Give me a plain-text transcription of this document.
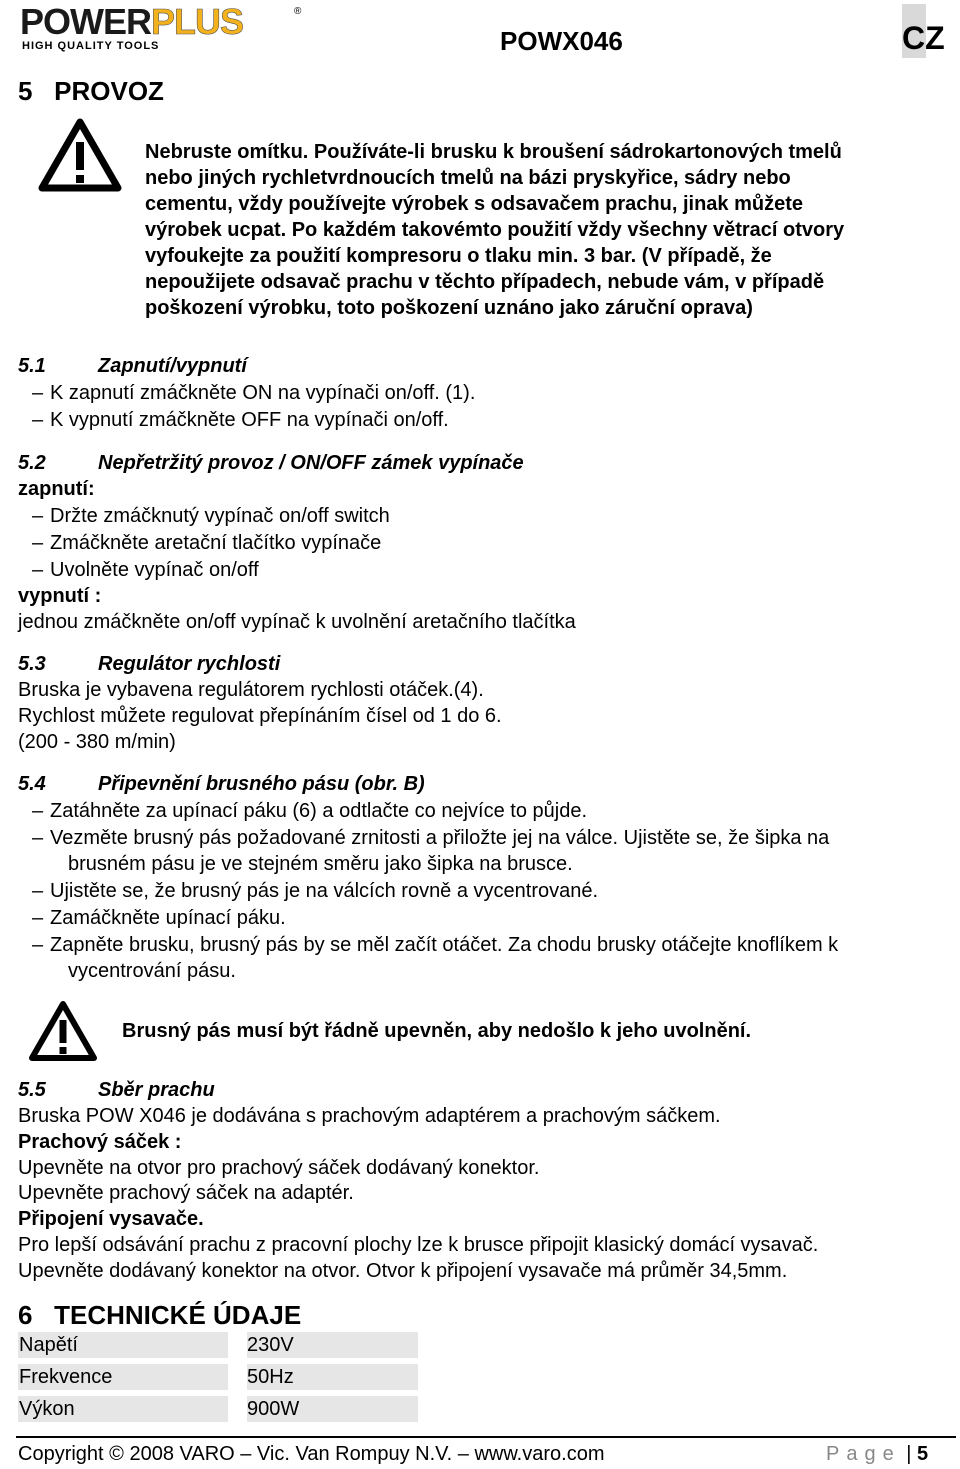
POWERPLUS	®
HIGH QUALITY TOOLS	POWX046	CZ
5   PROVOZ
Nebruste omítku. Používáte-li brusku k broušení sádrokartonových tmelů
nebo jiných rychletvrdnoucích tmelů na bázi pryskyřice, sádry nebo
cementu, vždy používejte výrobek s odsavačem prachu, jinak můžete
výrobek ucpat. Po každém takovémto použití vždy všechny větrací otvory
vyfoukejte za použití kompresoru o tlaku min. 3 bar. (V případě, že
nepoužijete odsavač prachu v těchto případech, nebude vám, v případě
poškození výrobku, toto poškození uznáno jako záruční oprava)
5.1	Zapnutí/vypnutí
– K zapnutí zmáčkněte ON na vypínači on/off. (1).
– K vypnutí zmáčkněte OFF na vypínači on/off.
5.2	Nepřetržitý provoz / ON/OFF zámek vypínače
zapnutí:
– Držte zmáčknutý vypínač on/off switch
– Zmáčkněte aretační tlačítko vypínače
– Uvolněte vypínač on/off
vypnutí :
jednou zmáčkněte on/off vypínač k uvolnění aretačního tlačítka
5.3	Regulátor rychlosti
Bruska je vybavena regulátorem rychlosti otáček.(4).
Rychlost můžete regulovat přepínáním čísel od 1 do 6.
(200 - 380 m/min)
5.4	Připevnění brusného pásu (obr. B)
– Zatáhněte za upínací páku (6) a odtlačte co nejvíce to půjde.
– Vezměte brusný pás požadované zrnitosti a přiložte jej na válce. Ujistěte se, že šipka na
brusném pásu je ve stejném směru jako šipka na brusce.
– Ujistěte se, že brusný pás je na válcích rovně a vycentrované.
– Zamáčkněte upínací páku.
– Zapněte brusku, brusný pás by se měl začít otáčet. Za chodu brusky otáčejte knoflíkem k
vycentrování pásu.
Brusný pás musí být řádně upevněn, aby nedošlo k jeho uvolnění.
5.5	Sběr prachu
Bruska POW X046 je dodávána s prachovým adaptérem a prachovým sáčkem.
Prachový sáček :
Upevněte na otvor pro prachový sáček dodávaný konektor.
Upevněte prachový sáček na adaptér.
Připojení vysavače.
Pro lepší odsávání prachu z pracovní plochy lze k brusce připojit klasický domácí vysavač.
Upevněte dodávaný konektor na otvor. Otvor k připojení vysavače má průměr 34,5mm.
6   TECHNICKÉ ÚDAJE
Napětí	230V
Frekvence	50Hz
Výkon	900W
Copyright © 2008 VARO – Vic. Van Rompuy N.V. – www.varo.com	Page | 5
